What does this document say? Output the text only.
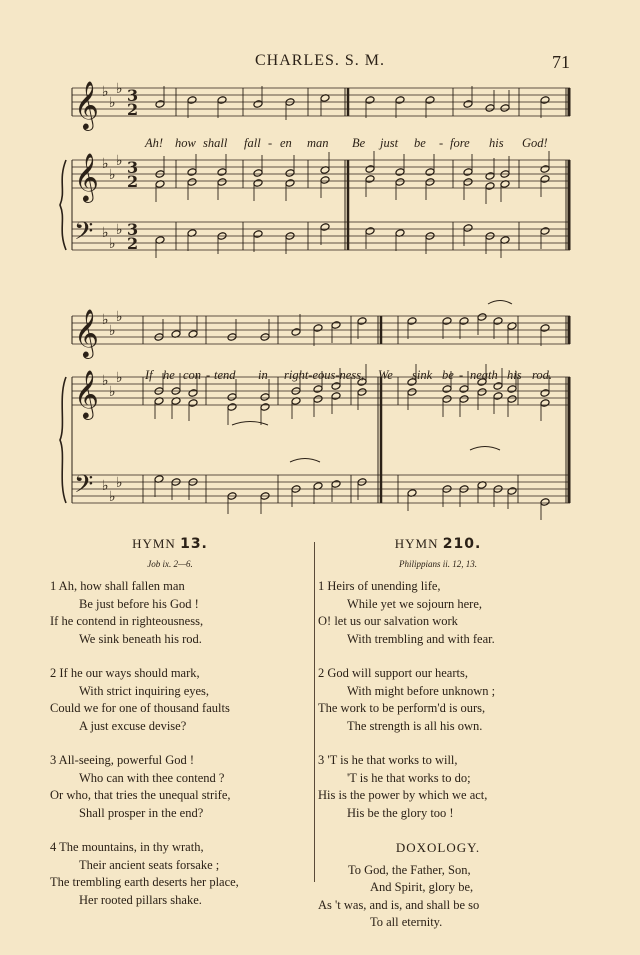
CHARLES. S. M.	71
𝄞 ♭
♭
♭ 3
2
𝄞 ♭
♭
♭ 3
2
𝄢 ♭
♭
♭ 3
2
𝄞 ♭
♭
♭
𝄞 ♭
♭
♭
𝄢 ♭
♭
♭
Ah! how shall fall - en man Be just be - fore his God!
If he con - tend in right-eous-ness, We sink be - neath his rod.
HYMN 13.
Job ix. 2—6.
1 Ah, how shall fallen man
Be just before his God !
If he contend in righteousness,
We sink beneath his rod.
2 If he our ways should mark,
With strict inquiring eyes,
Could we for one of thousand faults
A just excuse devise?
3 All-seeing, powerful God !
Who can with thee contend ?
Or who, that tries the unequal strife,
Shall prosper in the end?
4 The mountains, in thy wrath,
Their ancient seats forsake ;
The trembling earth deserts her place,
Her rooted pillars shake.
HYMN 210.
Philippians ii. 12, 13.
1 Heirs of unending life,
While yet we sojourn here,
O! let us our salvation work
With trembling and with fear.
2 God will support our hearts,
With might before unknown ;
The work to be perform'd is ours,
The strength is all his own.
3 'T is he that works to will,
'T is he that works to do;
His is the power by which we act,
His be the glory too !
DOXOLOGY.
To God, the Father, Son,
And Spirit, glory be,
As 't was, and is, and shall be so
To all eternity.
